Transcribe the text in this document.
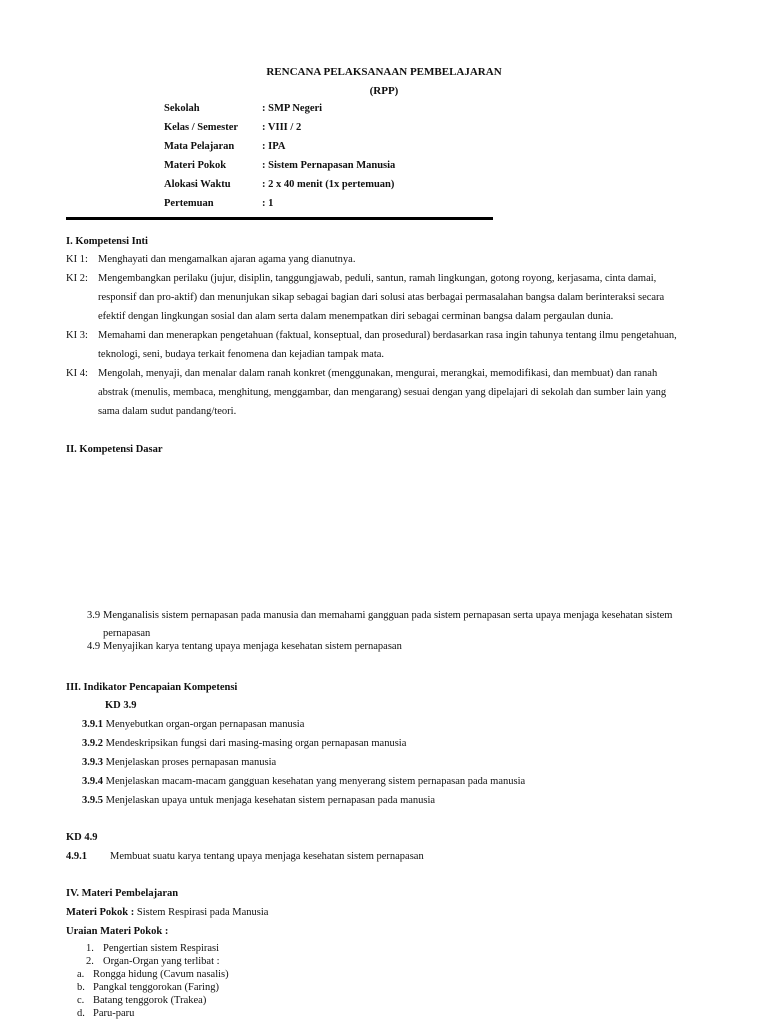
RENCANA PELAKSANAAN PEMBELAJARAN
(RPP)
Sekolah	: SMP Negeri
Kelas / Semester	: VIII / 2
Mata Pelajaran	: IPA
Materi Pokok	: Sistem Pernapasan Manusia
Alokasi Waktu	: 2 x 40 menit (1x pertemuan)
Pertemuan	: 1
I. Kompetensi Inti
KI 1: Menghayati dan mengamalkan ajaran agama yang dianutnya.
KI 2: Mengembangkan perilaku (jujur, disiplin, tanggungjawab, peduli, santun, ramah lingkungan, gotong royong, kerjasama, cinta damai,
responsif dan pro-aktif) dan menunjukan sikap sebagai bagian dari solusi atas berbagai permasalahan bangsa dalam berinteraksi secara
efektif dengan lingkungan sosial dan alam serta dalam menempatkan diri sebagai cerminan bangsa dalam pergaulan dunia.
KI 3: Memahami dan menerapkan pengetahuan (faktual, konseptual, dan prosedural) berdasarkan rasa ingin tahunya tentang ilmu pengetahuan,
teknologi, seni, budaya terkait fenomena dan kejadian tampak mata.
KI 4: Mengolah, menyaji, dan menalar dalam ranah konkret (menggunakan, mengurai, merangkai, memodifikasi, dan membuat) dan ranah
abstrak (menulis, membaca, menghitung, menggambar, dan mengarang) sesuai dengan yang dipelajari di sekolah dan sumber lain yang
sama dalam sudut pandang/teori.
II. Kompetensi Dasar
3.9 Menganalisis sistem pernapasan pada manusia dan memahami gangguan pada sistem pernapasan serta upaya menjaga kesehatan sistem
pernapasan
4.9 Menyajikan karya tentang upaya menjaga kesehatan sistem pernapasan
III. Indikator Pencapaian Kompetensi
KD 3.9
3.9.1 Menyebutkan organ-organ pernapasan manusia
3.9.2 Mendeskripsikan fungsi dari masing-masing organ pernapasan manusia
3.9.3 Menjelaskan proses pernapasan manusia
3.9.4 Menjelaskan macam-macam gangguan kesehatan yang menyerang sistem pernapasan pada manusia
3.9.5 Menjelaskan upaya untuk menjaga kesehatan sistem pernapasan pada manusia
KD 4.9
4.9.1 Membuat suatu karya tentang upaya menjaga kesehatan sistem pernapasan
IV. Materi Pembelajaran
Materi Pokok : Sistem Respirasi pada Manusia
Uraian Materi Pokok :
1. Pengertian sistem Respirasi
2. Organ-Organ yang terlibat :
a. Rongga hidung (Cavum nasalis)
b. Pangkal tenggorokan (Faring)
c. Batang tenggorok (Trakea)
d. Paru-paru
